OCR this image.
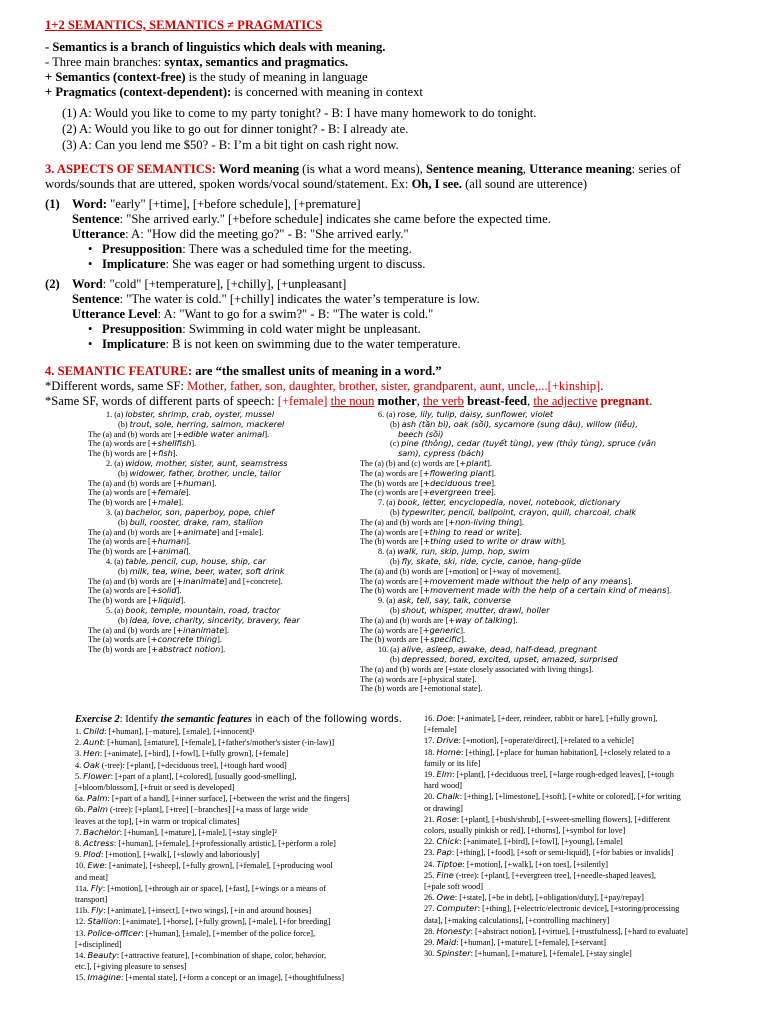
1+2 SEMANTICS, SEMANTICS ≠ PRAGMATICS
- Semantics is a branch of linguistics which deals with meaning.
- Three main branches: syntax, semantics and pragmatics.
+ Semantics (context-free) is the study of meaning in language
+ Pragmatics (context-dependent): is concerned with meaning in context
(1) A: Would you like to come to my party tonight? - B: I have many homework to do tonight.
(2) A: Would you like to go out for dinner tonight? - B: I already ate.
(3) A: Can you lend me $50? - B: I’m a bit tight on cash right now.
3. ASPECTS OF SEMANTICS: Word meaning (is what a word means), Sentence meaning, Utterance meaning: series of
words/sounds that are uttered, spoken words/vocal sound/statement. Ex: Oh, I see. (all sound are utterence)
(1) Word: "early" [+time], [+before schedule], [+premature]
Sentence: "She arrived early." [+before schedule] indicates she came before the expected time.
Utterance: A: "How did the meeting go?" - B: "She arrived early."
• Presupposition: There was a scheduled time for the meeting.
• Implicature: She was eager or had something urgent to discuss.
(2) Word: "cold" [+temperature], [+chilly], [+unpleasant]
Sentence: "The water is cold." [+chilly] indicates the water’s temperature is low.
Utterance Level: A: "Want to go for a swim?" - B: "The water is cold."
• Presupposition: Swimming in cold water might be unpleasant.
• Implicature: B is not keen on swimming due to the water temperature.
4. SEMANTIC FEATURE: are “the smallest units of meaning in a word.”
*Different words, same SF: Mother, father, son, daughter, brother, sister, grandparent, aunt, uncle,...[+kinship].
*Same SF, words of different parts of speech: [+female] the noun mother, the verb breast-feed, the adjective pregnant.
1. (a) lobster, shrimp, crab, oyster, mussel
(b) trout, sole, herring, salmon, mackerel
The (a) and (b) words are [+edible water animal].
The (a) words are [+shellfish].
The (b) words are [+fish].
2. (a) widow, mother, sister, aunt, seamstress
(b) widower, father, brother, uncle, tailor
The (a) and (b) words are [+human].
The (a) words are [+female].
The (b) words are [+male].
3. (a) bachelor, son, paperboy, pope, chief
(b) bull, rooster, drake, ram, stallion
The (a) and (b) words are [+animate] and [+male].
The (a) words are [+human].
The (b) words are [+animal].
4. (a) table, pencil, cup, house, ship, car
(b) milk, tea, wine, beer, water, soft drink
The (a) and (b) words are [+inanimate] and [+concrete].
The (a) words are [+solid].
The (b) words are [+liquid].
5. (a) book, temple, mountain, road, tractor
(b) idea, love, charity, sincerity, bravery, fear
The (a) and (b) words are [+inanimate].
The (a) words are [+concrete thing].
The (b) words are [+abstract notion].
6. (a) rose, lily, tulip, daisy, sunflower, violet
(b) ash (tần bì), oak (sồi), sycamore (sung dâu), willow (liễu),
beech (sồi)
(c) pine (thông), cedar (tuyết tùng), yew (thủy tùng), spruce (vân
sam), cypress (bách)
The (a) (b) and (c) words are [+plant].
The (a) words are [+flowering plant].
The (b) words are [+deciduous tree].
The (c) words are [+evergreen tree].
7. (a) book, letter, encyclopedia, novel, notebook, dictionary
(b) typewriter, pencil, ballpoint, crayon, quill, charcoal, chalk
The (a) and (b) words are [+non-living thing].
The (a) words are [+thing to read or write].
The (b) words are [+thing used to write or draw with].
8. (a) walk, run, skip, jump, hop, swim
(b) fly, skate, ski, ride, cycle, canoe, hang-glide
The (a) and (b) words are [+motion] or [+way of movement].
The (a) words are [+movement made without the help of any means].
The (b) words are [+movement made with the help of a certain kind of means].
9. (a) ask, tell, say, talk, converse
(b) shout, whisper, mutter, drawl, holler
The (a) and (b) words are [+way of talking].
The (a) words are [+generic].
The (b) words are [+specific].
10. (a) alive, asleep, awake, dead, half-dead, pregnant
(b) depressed, bored, excited, upset, amazed, surprised
The (a) and (b) words are [+state closely associated with living things].
The (a) words are [+physical state].
The (b) words are [+emotional state].
Exercise 2: Identify the semantic features in each of the following words.
1. Child: [+human], [−mature], [±male], [+innocent]¹
2. Aunt: [+human], [±mature], [+female], [+father's/mother's sister (-in-law)]
3. Hen: [+animate], [+bird], [+fowl], [+fully grown], [+female]
4. Oak (-tree): [+plant], [+deciduous tree], [+tough hard wood]
5. Flower: [+part of a plant], [+colored], [usually good-smelling],
[+bloom/blossom], [+fruit or seed is developed]
6a. Palm: [+part of a hand], [+inner surface], [+between the wrist and the fingers]
6b. Palm (-tree): [+plant], [+tree] [−branches] [+a mass of large wide
leaves at the top], [+in warm or tropical climates]
7. Bachelor: [+human], [+mature], [+male], [+stay single]²
8. Actress: [+human], [+female], [+professionally artistic], [+perform a role]
9. Plod: [+motion], [+walk], [+slowly and laboriously]
10. Ewe: [+animate], [+sheep], [+fully grown], [+female], [+producing wool
and meat]
11a. Fly: [+motion], [+through air or space], [+fast], [+wings or a means of
transport]
11b. Fly: [+animate], [+insect], [+two wings], [+in and around houses]
12. Stallion: [+animate], [+horse], [+fully grown], [+male], [+for breeding]
13. Police-officer: [+human], [±male], [+member of the police force],
[+disciplined]
14. Beauty: [+attractive feature], [+combination of shape, color, behavior,
etc.], [+giving pleasure to senses]
15. Imagine: [+mental state], [+form a concept or an image], [+thoughtfulness]
16. Doe: [+animate], [+deer, reindeer, rabbit or hare], [+fully grown],
[+female]
17. Drive: [+motion], [+operate/direct], [+related to a vehicle]
18. Home: [+thing], [+place for human habitation], [+closely related to a
family or its life]
19. Elm: [+plant], [+deciduous tree], [+large rough-edged leaves], [+tough
hard wood]
20. Chalk: [+thing], [+limestone], [+soft], [+white or colored], [+for writing
or drawing]
21. Rose: [+plant], [+bush/shrub], [+sweet-smelling flowers], [+different
colors, usually pinkish or red], [+thorns], [+symbol for love]
22. Chick: [+animate], [+bird], [+fowl], [+young], [±male]
23. Pap: [+thing], [+food], [+soft or semi-liquid], [+for babies or invalids]
24. Tiptoe: [+motion], [+walk], [+on toes], [+silently]
25. Fine (-tree): [+plant], [+evergreen tree], [+needle-shaped leaves],
[+pale soft wood]
26. Owe: [+state], [+be in debt], [+obligation/duty], [+pay/repay]
27. Computer: [+thing], [+electric/electronic device], [+storing/processing
data], [+making calculations], [+controlling machinery]
28. Honesty: [+abstract notion], [+virtue], [+trustfulness], [+hard to evaluate]
29. Maid: [+human], [+mature], [+female], [+servant]
30. Spinster: [+human], [+mature], [+female], [+stay single]
